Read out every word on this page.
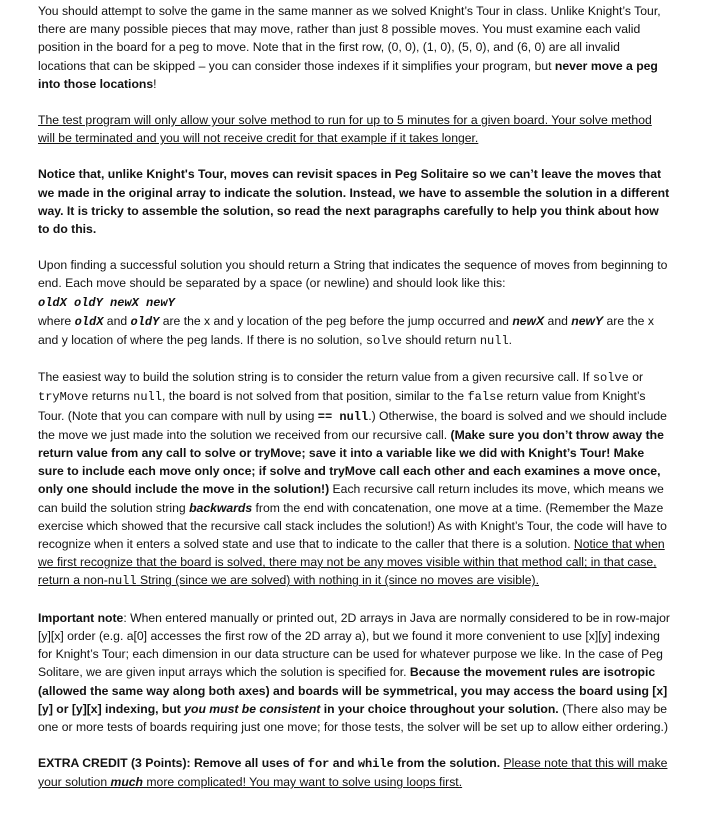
You should attempt to solve the game in the same manner as we solved Knight’s Tour in class. Unlike Knight’s Tour, there are many possible pieces that may move, rather than just 8 possible moves. You must examine each valid position in the board for a peg to move. Note that in the first row, (0, 0), (1, 0), (5, 0), and (6, 0) are all invalid locations that can be skipped – you can consider those indexes if it simplifies your program, but never move a peg into those locations!

The test program will only allow your solve method to run for up to 5 minutes for a given board. Your solve method will be terminated and you will not receive credit for that example if it takes longer.

Notice that, unlike Knight's Tour, moves can revisit spaces in Peg Solitaire so we can’t leave the moves that we made in the original array to indicate the solution. Instead, we have to assemble the solution in a different way. It is tricky to assemble the solution, so read the next paragraphs carefully to help you think about how to do this.

Upon finding a successful solution you should return a String that indicates the sequence of moves from beginning to end. Each move should be separated by a space (or newline) and should look like this:
oldX oldY newX newY
where oldX and oldY are the x and y location of the peg before the jump occurred and newX and newY are the x and y location of where the peg lands. If there is no solution, solve should return null.

The easiest way to build the solution string is to consider the return value from a given recursive call. If solve or tryMove returns null, the board is not solved from that position, similar to the false return value from Knight’s Tour. (Note that you can compare with null by using == null.) Otherwise, the board is solved and we should include the move we just made into the solution we received from our recursive call. (Make sure you don’t throw away the return value from any call to solve or tryMove; save it into a variable like we did with Knight’s Tour! Make sure to include each move only once; if solve and tryMove call each other and each examines a move once, only one should include the move in the solution!) Each recursive call return includes its move, which means we can build the solution string backwards from the end with concatenation, one move at a time. (Remember the Maze exercise which showed that the recursive call stack includes the solution!) As with Knight’s Tour, the code will have to recognize when it enters a solved state and use that to indicate to the caller that there is a solution. Notice that when we first recognize that the board is solved, there may not be any moves visible within that method call; in that case, return a non-null String (since we are solved) with nothing in it (since no moves are visible).

Important note: When entered manually or printed out, 2D arrays in Java are normally considered to be in row-major [y][x] order (e.g. a[0] accesses the first row of the 2D array a), but we found it more convenient to use [x][y] indexing for Knight’s Tour; each dimension in our data structure can be used for whatever purpose we like. In the case of Peg Solitare, we are given input arrays which the solution is specified for. Because the movement rules are isotropic (allowed the same way along both axes) and boards will be symmetrical, you may access the board using [x][y] or [y][x] indexing, but you must be consistent in your choice throughout your solution. (There also may be one or more tests of boards requiring just one move; for those tests, the solver will be set up to allow either ordering.)

EXTRA CREDIT (3 Points): Remove all uses of for and while from the solution. Please note that this will make your solution much more complicated! You may want to solve using loops first.
